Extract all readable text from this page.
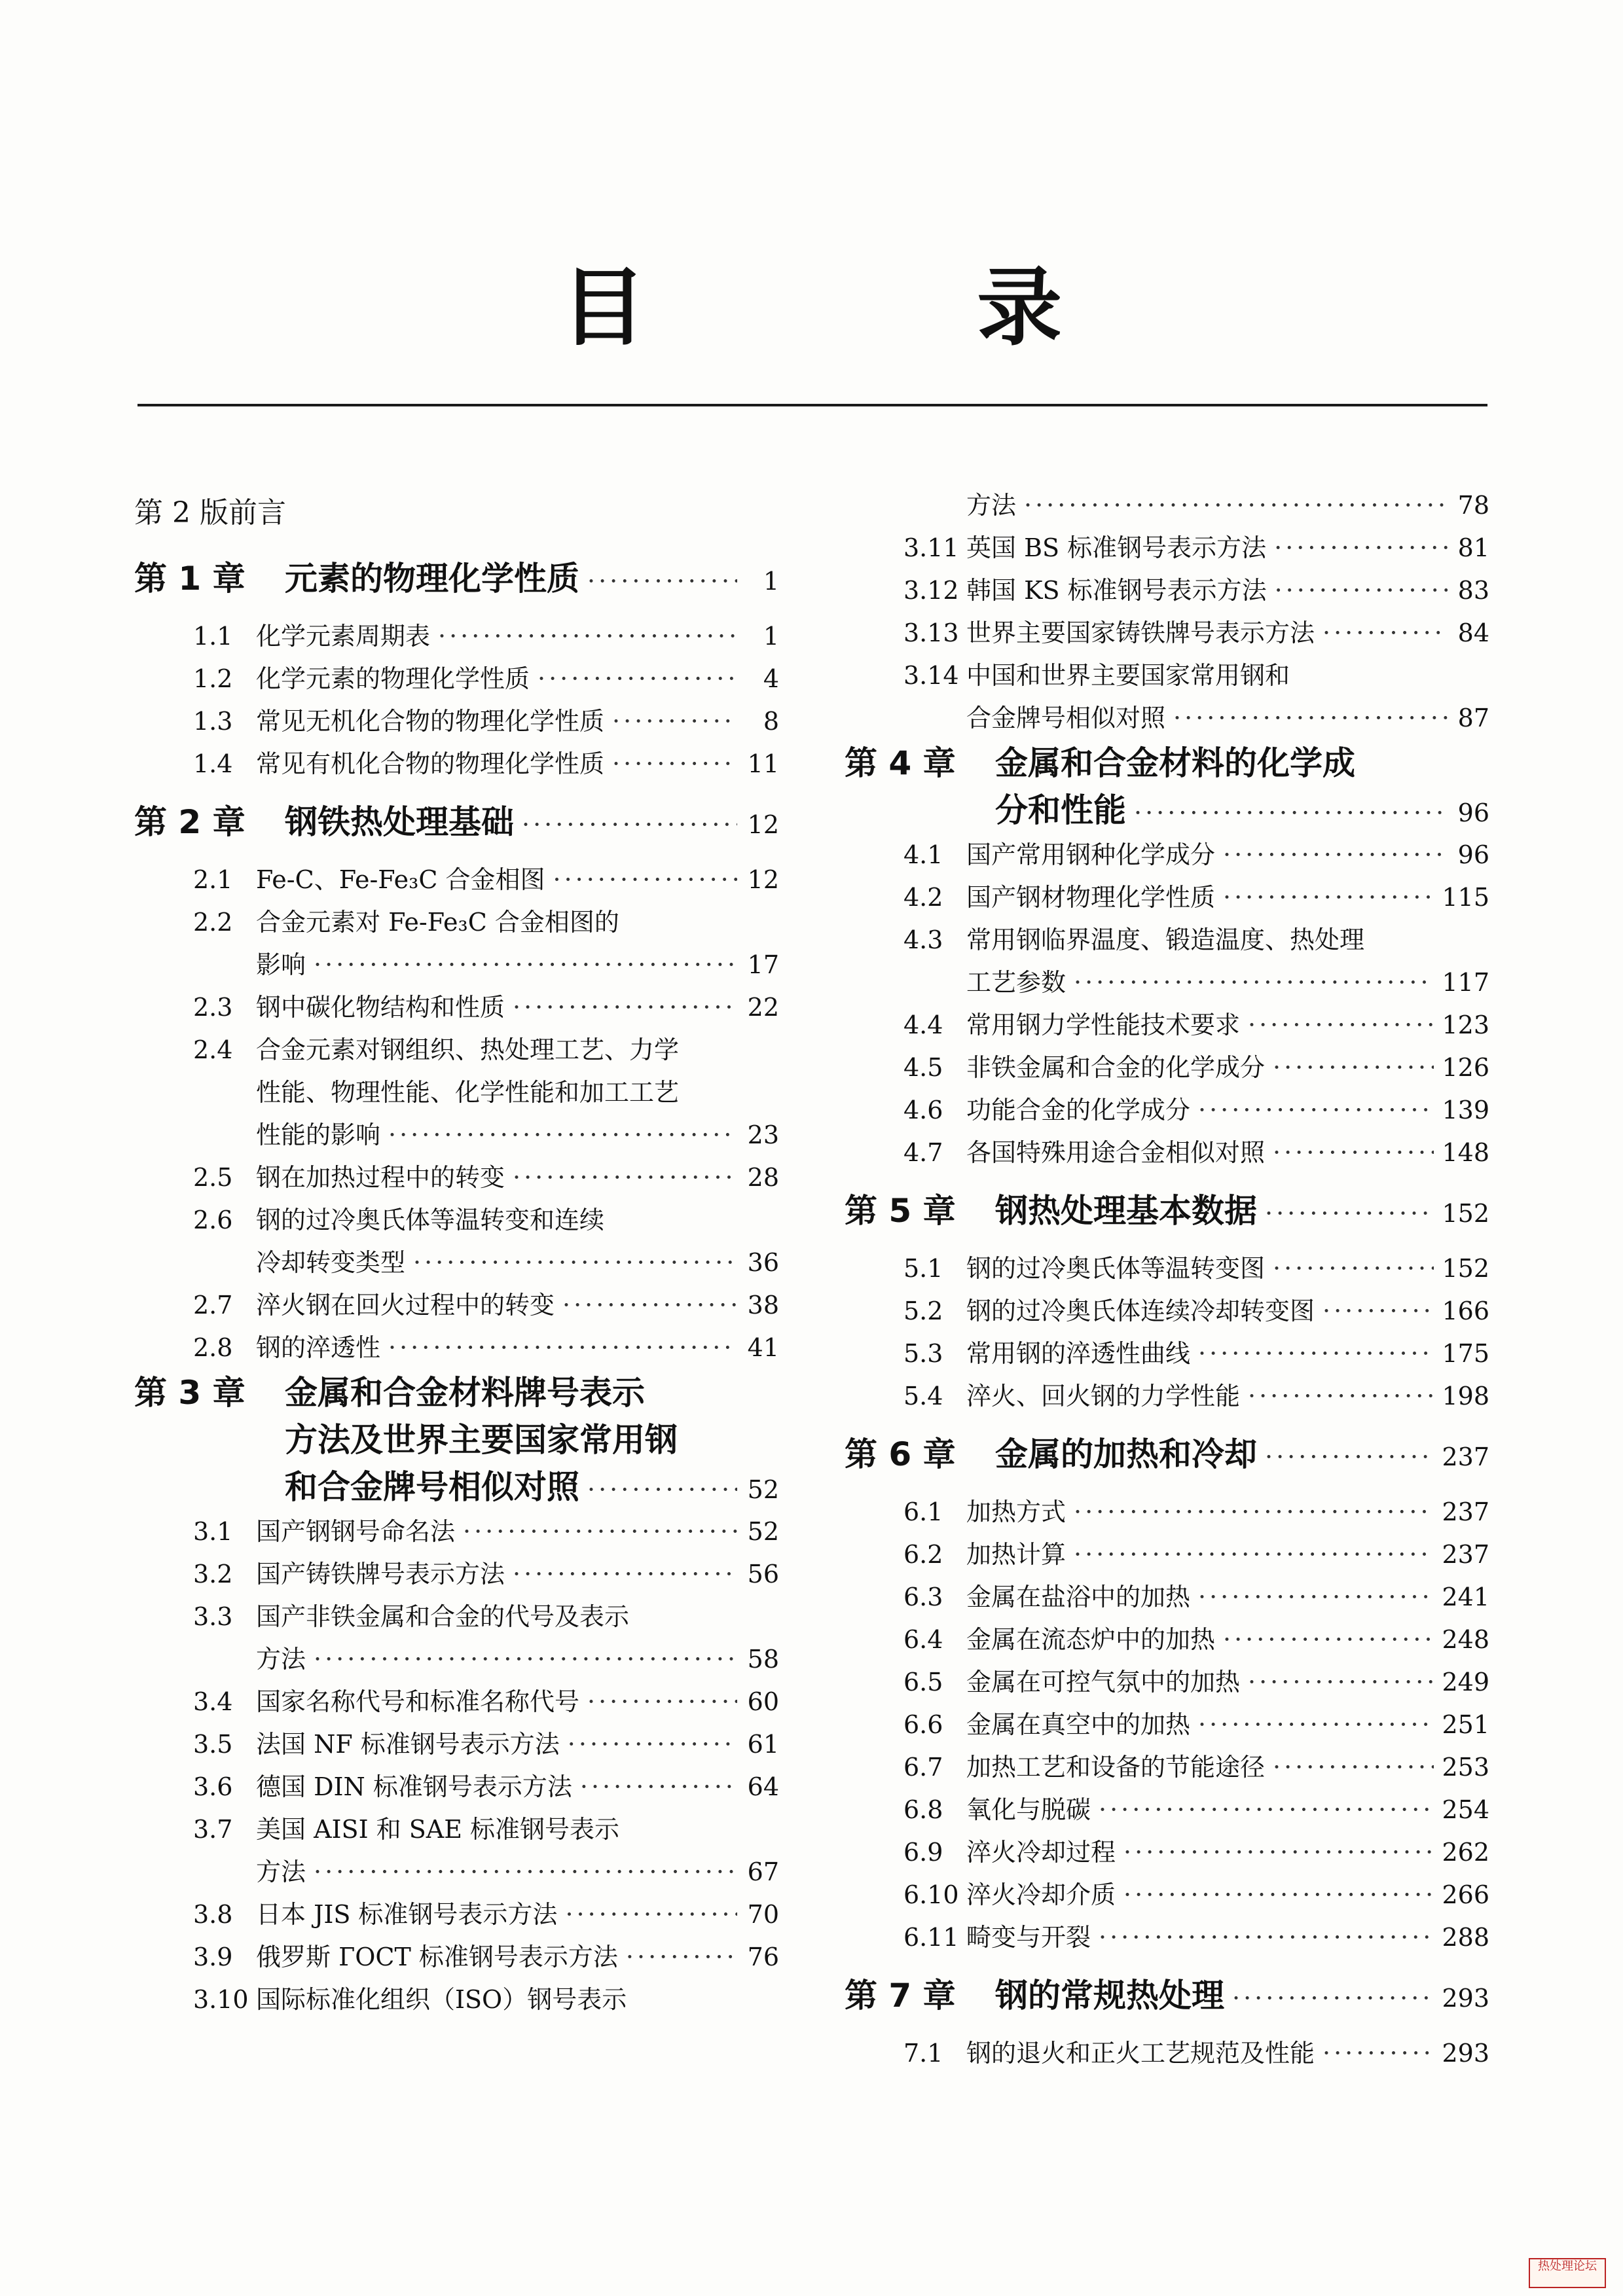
目 录
第 2 版前言
第 1 章	元素的物理化学性质 ·····	1
1.1 化学元素周期表 ·····	1
1.2 化学元素的物理化学性质 ·····	4
1.3 常见无机化合物的物理化学性质 ·····	8
1.4 常见有机化合物的物理化学性质 ·····	11
第 2 章	钢铁热处理基础 ·····	12
2.1 Fe-C、Fe-Fe₃C 合金相图 ·····	12
2.2 合金元素对 Fe-Fe₃C 合金相图的
影响 ·····	17
2.3 钢中碳化物结构和性质 ·····	22
2.4 合金元素对钢组织、热处理工艺、力学
性能、物理性能、化学性能和加工工艺
性能的影响 ·····	23
2.5 钢在加热过程中的转变 ·····	28
2.6 钢的过冷奥氏体等温转变和连续
冷却转变类型 ·····	36
2.7 淬火钢在回火过程中的转变 ·····	38
2.8 钢的淬透性 ·····	41
第 3 章	金属和合金材料牌号表示
方法及世界主要国家常用钢
和合金牌号相似对照 ·····	52
3.1 国产钢钢号命名法 ·····	52
3.2 国产铸铁牌号表示方法 ·····	56
3.3 国产非铁金属和合金的代号及表示
方法 ·····	58
3.4 国家名称代号和标准名称代号 ·····	60
3.5 法国 NF 标准钢号表示方法 ·····	61
3.6 德国 DIN 标准钢号表示方法 ·····	64
3.7 美国 AISI 和 SAE 标准钢号表示
方法 ·····	67
3.8 日本 JIS 标准钢号表示方法 ·····	70
3.9 俄罗斯 ГОСТ 标准钢号表示方法 ·····	76
3.10 国际标准化组织（ISO）钢号表示
方法 ·····	78
3.11 英国 BS 标准钢号表示方法 ·····	81
3.12 韩国 KS 标准钢号表示方法 ·····	83
3.13 世界主要国家铸铁牌号表示方法 ·····	84
3.14 中国和世界主要国家常用钢和
合金牌号相似对照 ·····	87
第 4 章	金属和合金材料的化学成
分和性能 ·····	96
4.1 国产常用钢种化学成分 ·····	96
4.2 国产钢材物理化学性质 ·····	115
4.3 常用钢临界温度、锻造温度、热处理
工艺参数 ·····	117
4.4 常用钢力学性能技术要求 ·····	123
4.5 非铁金属和合金的化学成分 ·····	126
4.6 功能合金的化学成分 ·····	139
4.7 各国特殊用途合金相似对照 ·····	148
第 5 章	钢热处理基本数据 ·····	152
5.1 钢的过冷奥氏体等温转变图 ·····	152
5.2 钢的过冷奥氏体连续冷却转变图 ·····	166
5.3 常用钢的淬透性曲线 ·····	175
5.4 淬火、回火钢的力学性能 ·····	198
第 6 章	金属的加热和冷却 ·····	237
6.1 加热方式 ·····	237
6.2 加热计算 ·····	237
6.3 金属在盐浴中的加热 ·····	241
6.4 金属在流态炉中的加热 ·····	248
6.5 金属在可控气氛中的加热 ·····	249
6.6 金属在真空中的加热 ·····	251
6.7 加热工艺和设备的节能途径 ·····	253
6.8 氧化与脱碳 ·····	254
6.9 淬火冷却过程 ·····	262
6.10 淬火冷却介质 ·····	266
6.11 畸变与开裂 ·····	288
第 7 章	钢的常规热处理 ·····	293
7.1 钢的退火和正火工艺规范及性能 ·····	293
热处理论坛
